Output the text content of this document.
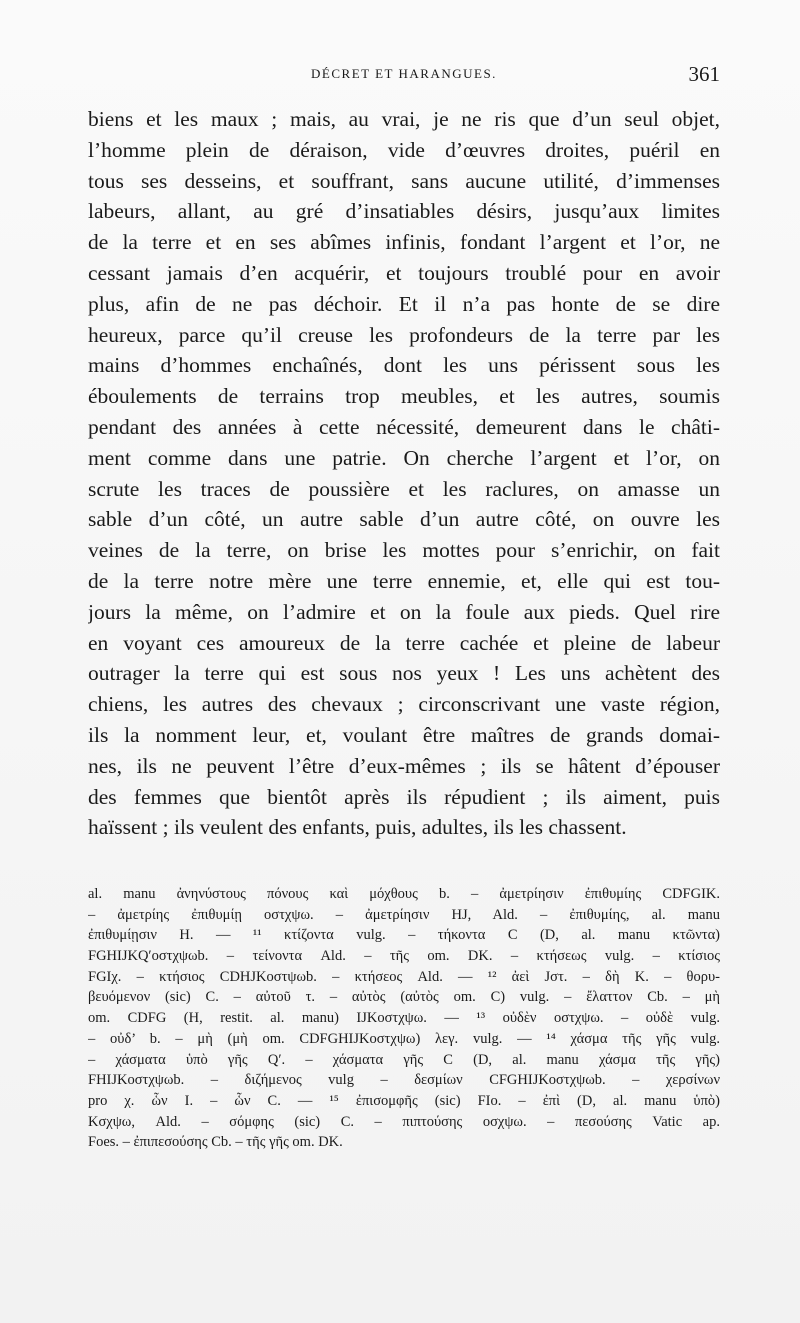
DÉCRET ET HARANGUES.	361
biens et les maux ; mais, au vrai, je ne ris que d’un seul objet,
l’homme plein de déraison, vide d’œuvres droites, puéril en
tous ses desseins, et souffrant, sans aucune utilité, d’immenses
labeurs, allant, au gré d’insatiables désirs, jusqu’aux limites
de la terre et en ses abîmes infinis, fondant l’argent et l’or, ne
cessant jamais d’en acquérir, et toujours troublé pour en avoir
plus, afin de ne pas déchoir. Et il n’a pas honte de se dire
heureux, parce qu’il creuse les profondeurs de la terre par les
mains d’hommes enchaînés, dont les uns périssent sous les
éboulements de terrains trop meubles, et les autres, soumis
pendant des années à cette nécessité, demeurent dans le châti-
ment comme dans une patrie. On cherche l’argent et l’or, on
scrute les traces de poussière et les raclures, on amasse un
sable d’un côté, un autre sable d’un autre côté, on ouvre les
veines de la terre, on brise les mottes pour s’enrichir, on fait
de la terre notre mère une terre ennemie, et, elle qui est tou-
jours la même, on l’admire et on la foule aux pieds. Quel rire
en voyant ces amoureux de la terre cachée et pleine de labeur
outrager la terre qui est sous nos yeux ! Les uns achètent des
chiens, les autres des chevaux ; circonscrivant une vaste région,
ils la nomment leur, et, voulant être maîtres de grands domai-
nes, ils ne peuvent l’être d’eux-mêmes ; ils se hâtent d’épouser
des femmes que bientôt après ils répudient ; ils aiment, puis
haïssent ; ils veulent des enfants, puis, adultes, ils les chassent.
al. manu ἀνηνύστους πόνους καὶ μόχθους b. – ἀμετρίησιν ἐπιθυμίης CDFGIK.
– ἀμετρίης ἐπιθυμίῃ οστχψω. – ἀμετρίησιν HJ, Ald. – ἐπιθυμίης, al. manu
ἐπιθυμίῃσιν H. — ¹¹ κτίζοντα vulg. – τήκοντα C (D, al. manu κτῶντα)
FGHIJKQ′οστχψωb. – τείνοντα Ald. – τῆς om. DK. – κτήσεως vulg. – κτίσιος
FGIχ. – κτήσιος CDHJKοστψωb. – κτήσεος Ald. — ¹² ἀεὶ Jστ. – δὴ K. – θορυ-
βευόμενον (sic) C. – αὐτοῦ τ. – αὐτὸς (αὐτὸς om. C) vulg. – ἔλαττον Cb. – μὴ
om. CDFG (H, restit. al. manu) IJKοστχψω. — ¹³ οὐδὲν οστχψω. – οὐδὲ vulg.
– οὐδ’ b. – μὴ (μὴ om. CDFGHIJKοστχψω) λεγ. vulg. — ¹⁴ χάσμα τῆς γῆς vulg.
– χάσματα ὑπὸ γῆς Q′. – χάσματα γῆς C (D, al. manu χάσμα τῆς γῆς)
FHIJKοστχψωb. – διζήμενος vulg – δεσμίων CFGHIJKοστχψωb. – χερσίνων
pro χ. ὧν I. – ὧν C. — ¹⁵ ἐπισομφῆς (sic) FIo. – ἐπὶ (D, al. manu ὑπὸ)
Kσχψω, Ald. – σόμφης (sic) C. – πιπτούσης οσχψω. – πεσούσης Vatic ap.
Foes. – ἐπιπεσούσης Cb. – τῆς γῆς om. DK.
